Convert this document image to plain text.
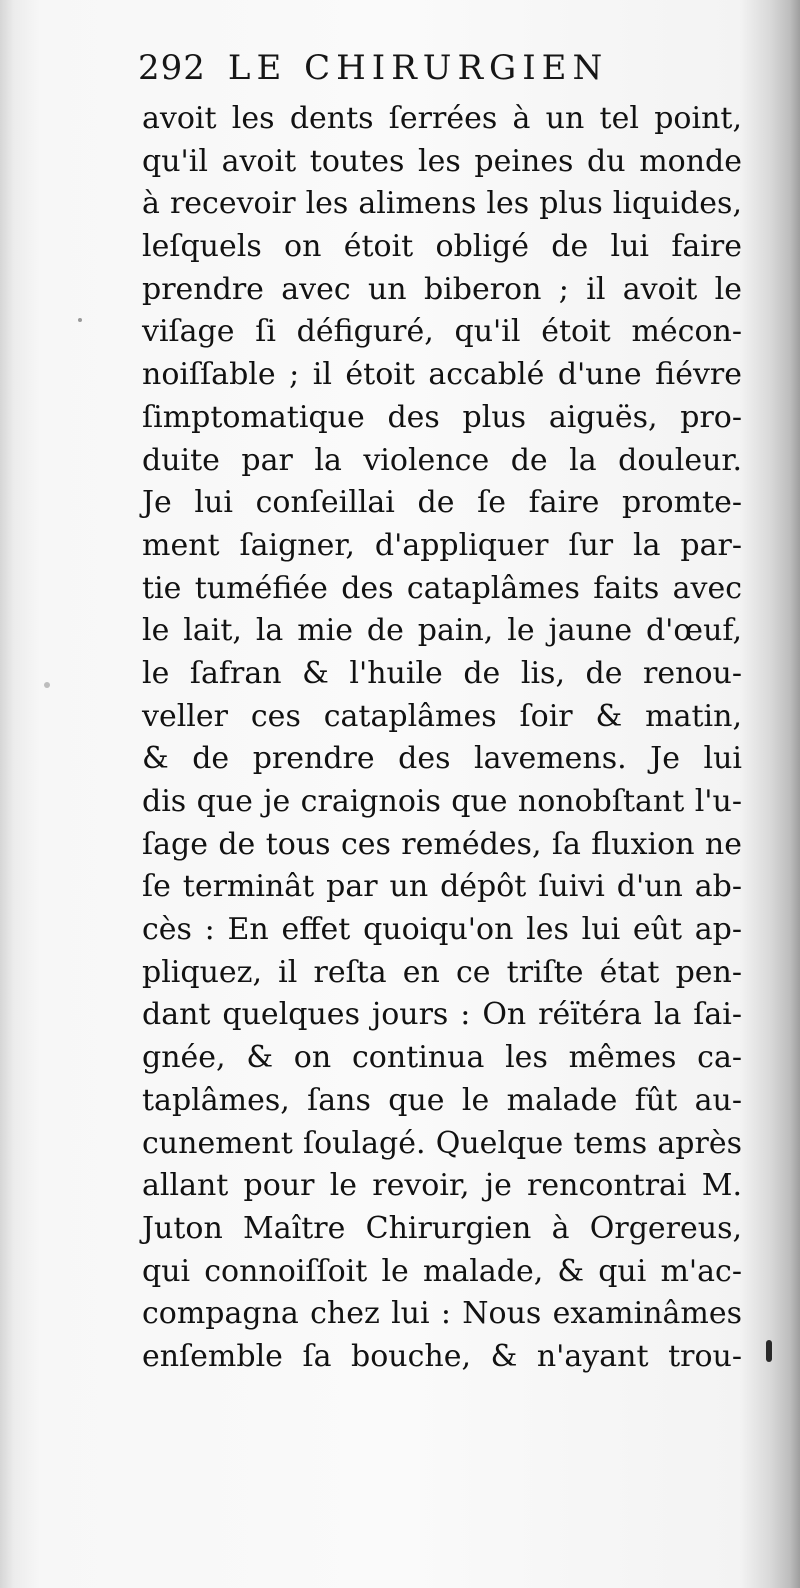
292 LE CHIRURGIEN
avoit les dents ſerrées à un tel point,
qu'il avoit toutes les peines du monde
à recevoir les alimens les plus liquides,
leſquels on étoit obligé de lui faire
prendre avec un biberon ; il avoit le
viſage ſi défiguré, qu'il étoit mécon-
noiſſable ; il étoit accablé d'une fiévre
ſimptomatique des plus aiguës, pro-
duite par la violence de la douleur.
Je lui conſeillai de ſe faire promte-
ment ſaigner, d'appliquer ſur la par-
tie tuméfiée des cataplâmes faits avec
le lait, la mie de pain, le jaune d'œuf,
le ſafran & l'huile de lis, de renou-
veller ces cataplâmes ſoir & matin,
& de prendre des lavemens. Je lui
dis que je craignois que nonobſtant l'u-
ſage de tous ces remédes, ſa fluxion ne
ſe terminât par un dépôt ſuivi d'un ab-
cès : En effet quoiqu'on les lui eût ap-
pliquez, il reſta en ce triſte état pen-
dant quelques jours : On réïtéra la ſai-
gnée, & on continua les mêmes ca-
taplâmes, ſans que le malade fût au-
cunement ſoulagé. Quelque tems après
allant pour le revoir, je rencontrai M.
Juton Maître Chirurgien à Orgereus,
qui connoiſſoit le malade, & qui m'ac-
compagna chez lui : Nous examinâmes
enſemble ſa bouche, & n'ayant trou-
